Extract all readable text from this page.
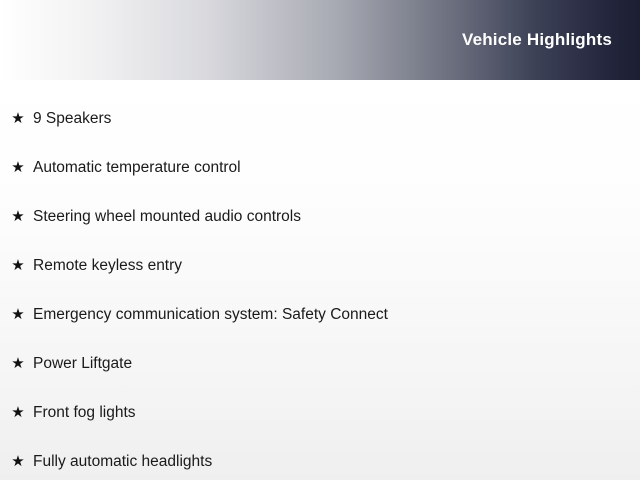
Vehicle Highlights
★ 9 Speakers
★ Automatic temperature control
★ Steering wheel mounted audio controls
★ Remote keyless entry
★ Emergency communication system: Safety Connect
★ Power Liftgate
★ Front fog lights
★ Fully automatic headlights
